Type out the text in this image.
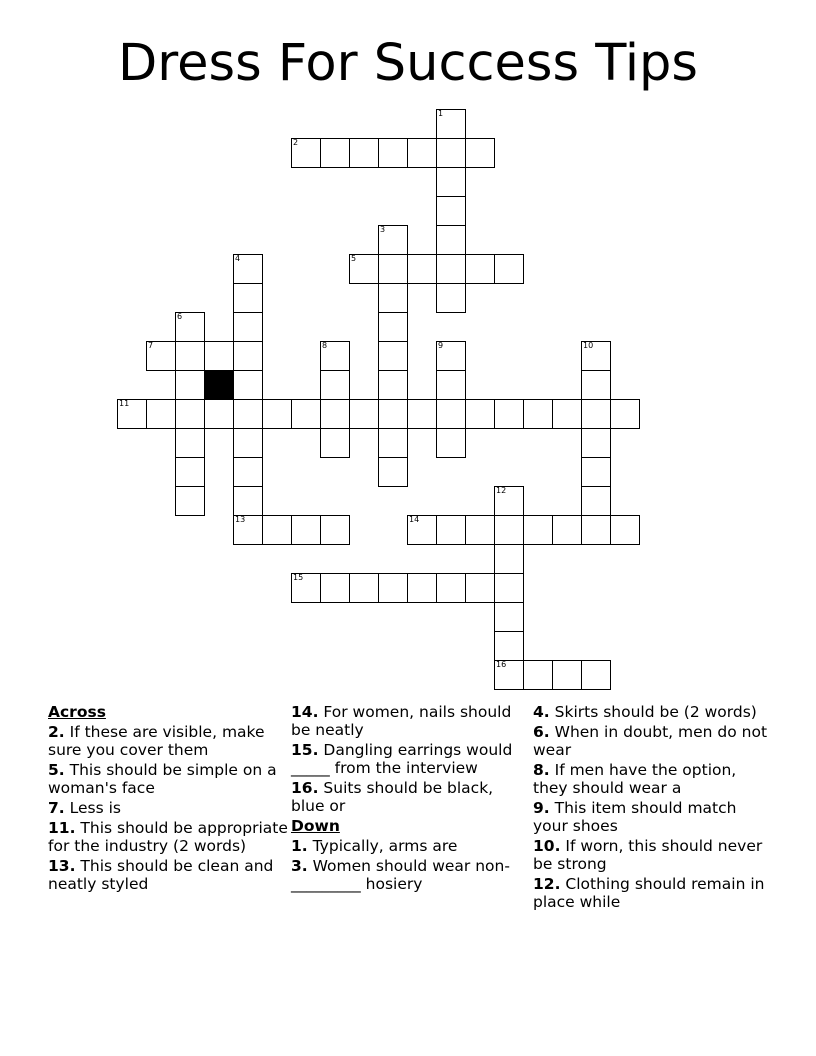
Dress For Success Tips
1
2
3
4	5
6
7	8	9	10
11
12
13	14
15
16
Across
2. If these are visible, make sure you cover them
5. This should be simple on a woman's face
7. Less is
11. This should be appropriate for the industry (2 words)
13. This should be clean and neatly styled
14. For women, nails should be neatly
15. Dangling earrings would _____ from the interview
16. Suits should be black, blue or
Down
1. Typically, arms are
3. Women should wear non-_________ hosiery
4. Skirts should be (2 words)
6. When in doubt, men do not wear
8. If men have the option, they should wear a
9. This item should match your shoes
10. If worn, this should never be strong
12. Clothing should remain in place while
